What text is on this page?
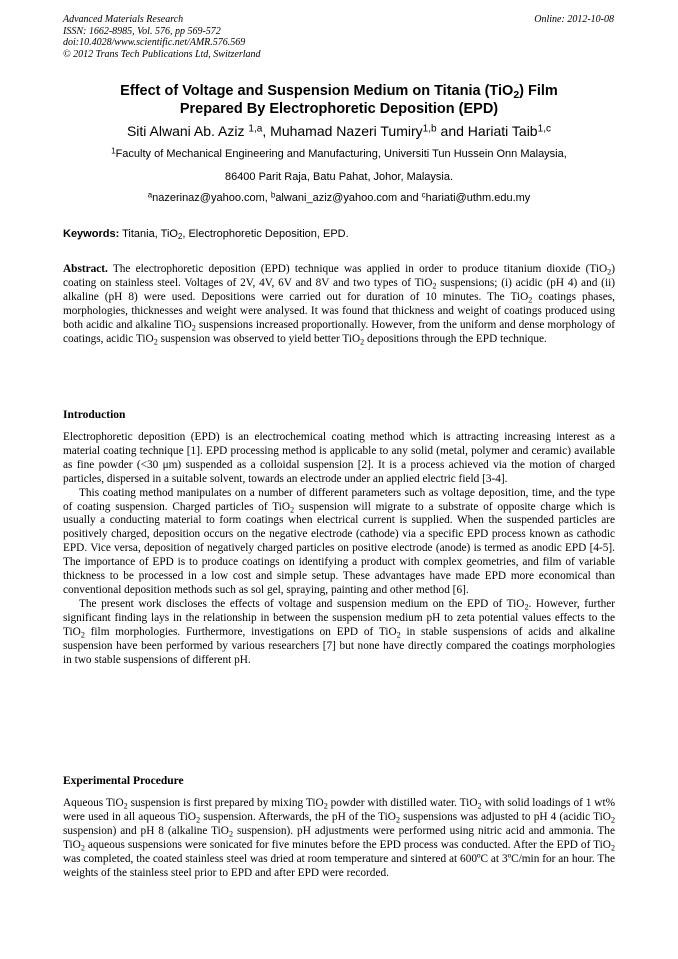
Advanced Materials Research
ISSN: 1662-8985, Vol. 576, pp 569-572
doi:10.4028/www.scientific.net/AMR.576.569
© 2012 Trans Tech Publications Ltd, Switzerland
Online: 2012-10-08
Effect of Voltage and Suspension Medium on Titania (TiO$_2$) Film
Prepared By Electrophoretic Deposition (EPD)
Siti Alwani Ab. Aziz $^{1,a}$, Muhamad Nazeri Tumiry$^{1,b}$ and Hariati Taib$^{1,c}$
$^1$Faculty of Mechanical Engineering and Manufacturing, Universiti Tun Hussein Onn Malaysia,
86400 Parit Raja, Batu Pahat, Johor, Malaysia.
$^a$nazerinaz@yahoo.com, $^b$alwani_aziz@yahoo.com and $^c$hariati@uthm.edu.my
Keywords: Titania, TiO$_2$, Electrophoretic Deposition, EPD.

Abstract. The electrophoretic deposition (EPD) technique was applied in order to produce titanium dioxide (TiO$_2$) coating on stainless steel. Voltages of 2V, 4V, 6V and 8V and two types of TiO$_2$ suspensions; (i) acidic (pH 4) and (ii) alkaline (pH 8) were used. Depositions were carried out for duration of 10 minutes. The TiO$_2$ coatings phases, morphologies, thicknesses and weight were analysed. It was found that thickness and weight of coatings produced using both acidic and alkaline TiO$_2$ suspensions increased proportionally. However, from the uniform and dense morphology of coatings, acidic TiO$_2$ suspension was observed to yield better TiO$_2$ depositions through the EPD technique.

Introduction

Electrophoretic deposition (EPD) is an electrochemical coating method which is attracting increasing interest as a material coating technique [1]. EPD processing method is applicable to any solid (metal, polymer and ceramic) available as fine powder (<30 μm) suspended as a colloidal suspension [2]. It is a process achieved via the motion of charged particles, dispersed in a suitable solvent, towards an electrode under an applied electric field [3-4].

This coating method manipulates on a number of different parameters such as voltage deposition, time, and the type of coating suspension. Charged particles of TiO$_2$ suspension will migrate to a substrate of opposite charge which is usually a conducting material to form coatings when electrical current is supplied. When the suspended particles are positively charged, deposition occurs on the negative electrode (cathode) via a specific EPD process known as cathodic EPD. Vice versa, deposition of negatively charged particles on positive electrode (anode) is termed as anodic EPD [4-5]. The importance of EPD is to produce coatings on identifying a product with complex geometries, and film of variable thickness to be processed in a low cost and simple setup. These advantages have made EPD more economical than conventional deposition methods such as sol gel, spraying, painting and other method [6].

The present work discloses the effects of voltage and suspension medium on the EPD of TiO$_2$. However, further significant finding lays in the relationship in between the suspension medium pH to zeta potential values effects to the TiO$_2$ film morphologies. Furthermore, investigations on EPD of TiO$_2$ in stable suspensions of acids and alkaline suspension have been performed by various researchers [7] but none have directly compared the coatings morphologies in two stable suspensions of different pH.

Experimental Procedure

Aqueous TiO$_2$ suspension is first prepared by mixing TiO$_2$ powder with distilled water. TiO$_2$ with solid loadings of 1 wt% were used in all aqueous TiO$_2$ suspension. Afterwards, the pH of the TiO$_2$ suspensions was adjusted to pH 4 (acidic TiO$_2$ suspension) and pH 8 (alkaline TiO$_2$ suspension). pH adjustments were performed using nitric acid and ammonia. The TiO$_2$ aqueous suspensions were sonicated for five minutes before the EPD process was conducted. After the EPD of TiO$_2$ was completed, the coated stainless steel was dried at room temperature and sintered at 600ºC at 3ºC/min for an hour. The weights of the stainless steel prior to EPD and after EPD were recorded.
